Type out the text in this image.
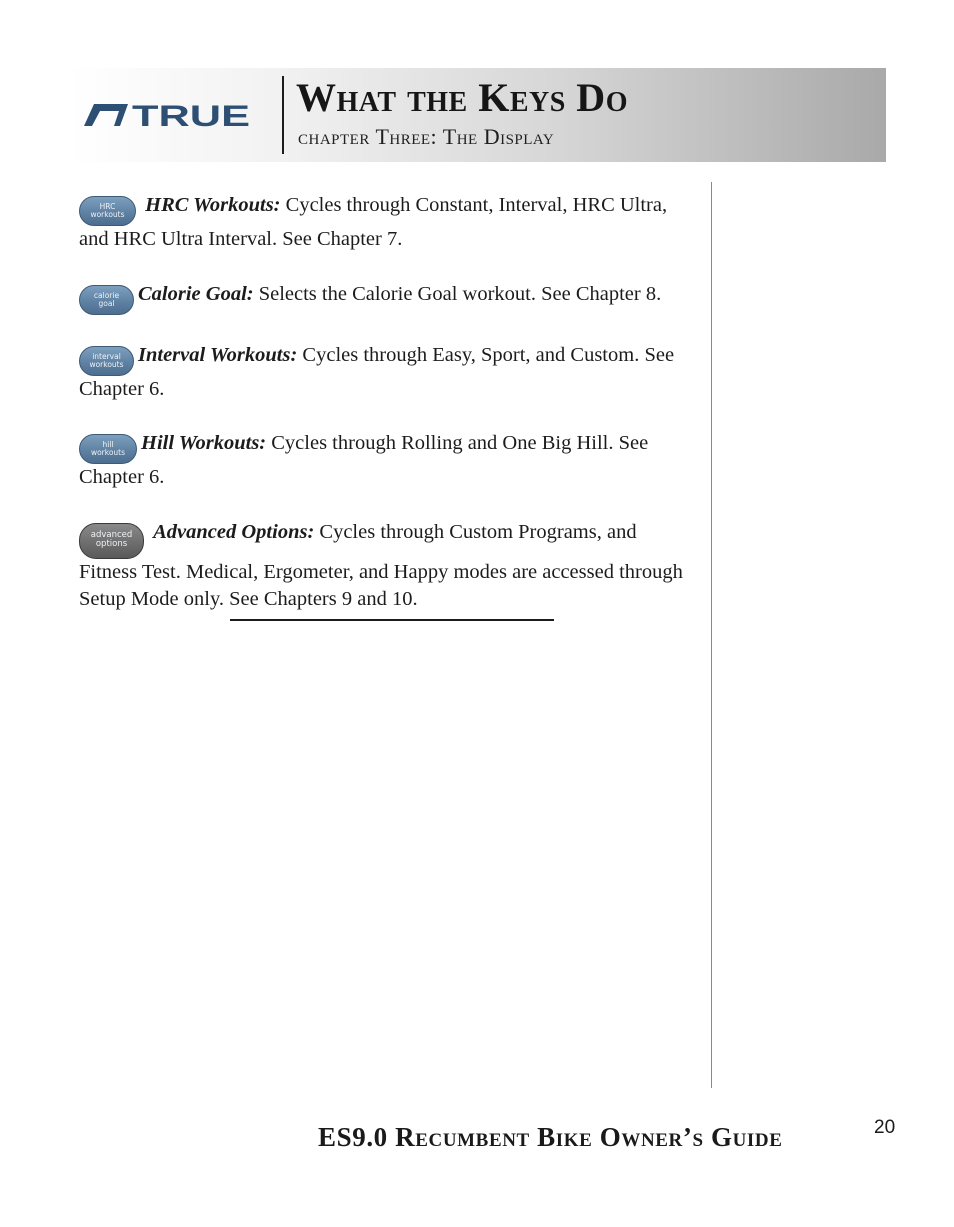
TRUE What the Keys Do
chapter Three: The Display
HRC
workouts HRC Workouts: Cycles through Constant, Interval, HRC Ultra, and HRC Ultra Interval. See Chapter 7.
calorie
goal Calorie Goal: Selects the Calorie Goal workout. See Chapter 8.
interval
workouts Interval Workouts: Cycles through Easy, Sport, and Custom. See Chapter 6.
hill
workouts Hill Workouts: Cycles through Rolling and One Big Hill. See Chapter 6.
advanced
options Advanced Options: Cycles through Custom Programs, and Fitness Test. Medical, Ergometer, and Happy modes are accessed through Setup Mode only. See Chapters 9 and 10.
ES9.0 Recumbent Bike Owner’s Guide	20
